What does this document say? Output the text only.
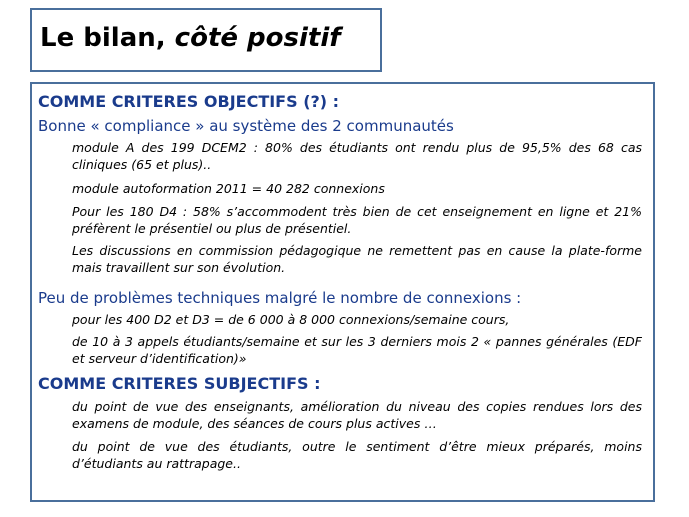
Le bilan, côté positif

COMME CRITERES OBJECTIFS (?) :

Bonne « compliance » au système des 2 communautés

module A des 199 DCEM2 : 80% des étudiants ont rendu plus de 95,5% des 68 cas cliniques (65 et plus)..

module autoformation 2011 = 40 282 connexions

Pour les 180 D4 : 58% s’accommodent très bien de cet enseignement en ligne et 21% préfèrent le présentiel ou plus de présentiel.

Les discussions en commission pédagogique ne remettent pas en cause la plate-forme mais travaillent sur son évolution.

Peu de problèmes techniques malgré le nombre de connexions :

pour les 400 D2 et D3 = de 6 000 à 8 000 connexions/semaine cours,

de 10 à 3 appels étudiants/semaine et sur les 3 derniers mois 2 « pannes générales (EDF et serveur d’identification)»

COMME CRITERES SUBJECTIFS :

du point de vue des enseignants, amélioration du niveau des copies rendues lors des examens de module, des séances de cours plus actives …

du point de vue des étudiants, outre le sentiment d’être mieux préparés, moins d’étudiants au rattrapage..
